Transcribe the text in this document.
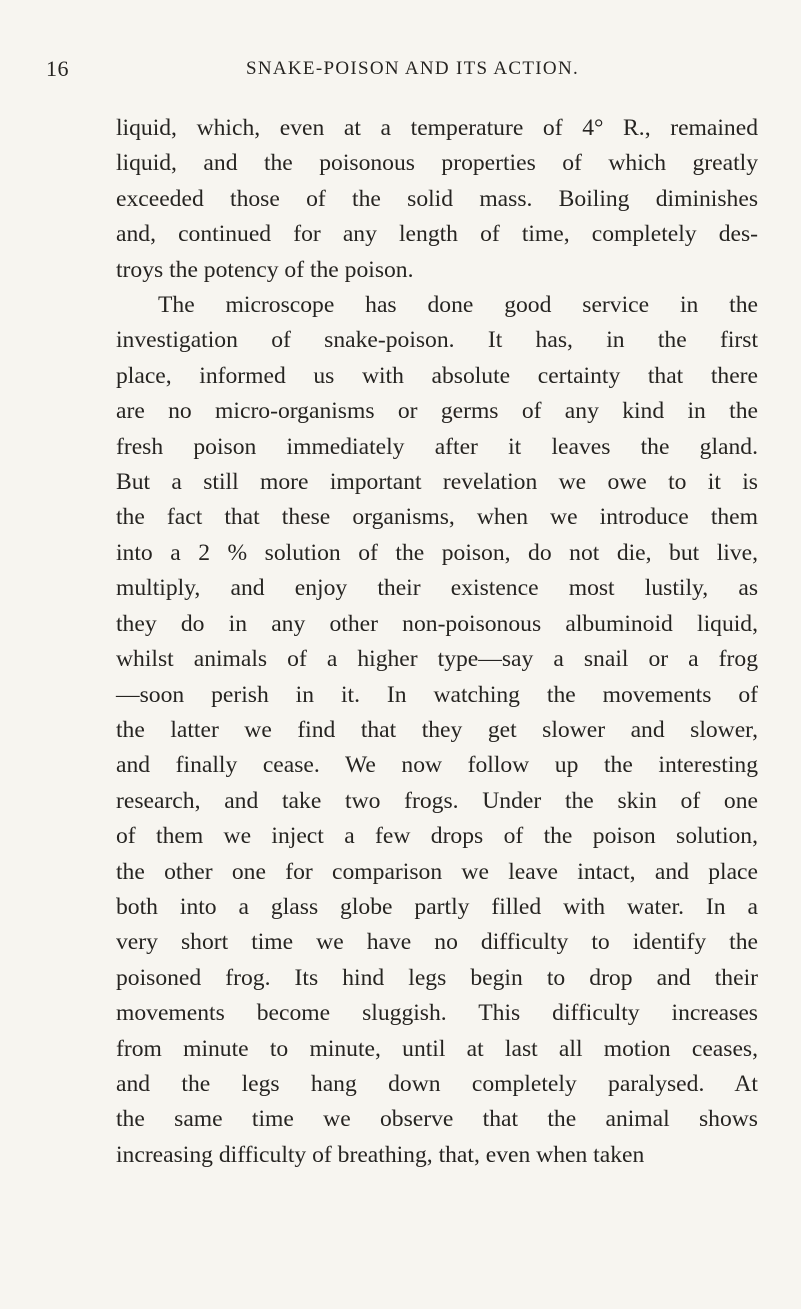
16	SNAKE-POISON AND ITS ACTION.
liquid, which, even at a temperature of 4° R., remained
liquid, and the poisonous properties of which greatly
exceeded those of the solid mass. Boiling diminishes
and, continued for any length of time, completely des-
troys the potency of the poison.
The microscope has done good service in the
investigation of snake-poison. It has, in the first
place, informed us with absolute certainty that there
are no micro-organisms or germs of any kind in the
fresh poison immediately after it leaves the gland.
But a still more important revelation we owe to it is
the fact that these organisms, when we introduce them
into a 2 % solution of the poison, do not die, but live,
multiply, and enjoy their existence most lustily, as
they do in any other non-poisonous albuminoid liquid,
whilst animals of a higher type—say a snail or a frog
—soon perish in it. In watching the movements of
the latter we find that they get slower and slower,
and finally cease. We now follow up the interesting
research, and take two frogs. Under the skin of one
of them we inject a few drops of the poison solution,
the other one for comparison we leave intact, and place
both into a glass globe partly filled with water. In a
very short time we have no difficulty to identify the
poisoned frog. Its hind legs begin to drop and their
movements become sluggish. This difficulty increases
from minute to minute, until at last all motion ceases,
and the legs hang down completely paralysed. At
the same time we observe that the animal shows
increasing difficulty of breathing, that, even when taken
